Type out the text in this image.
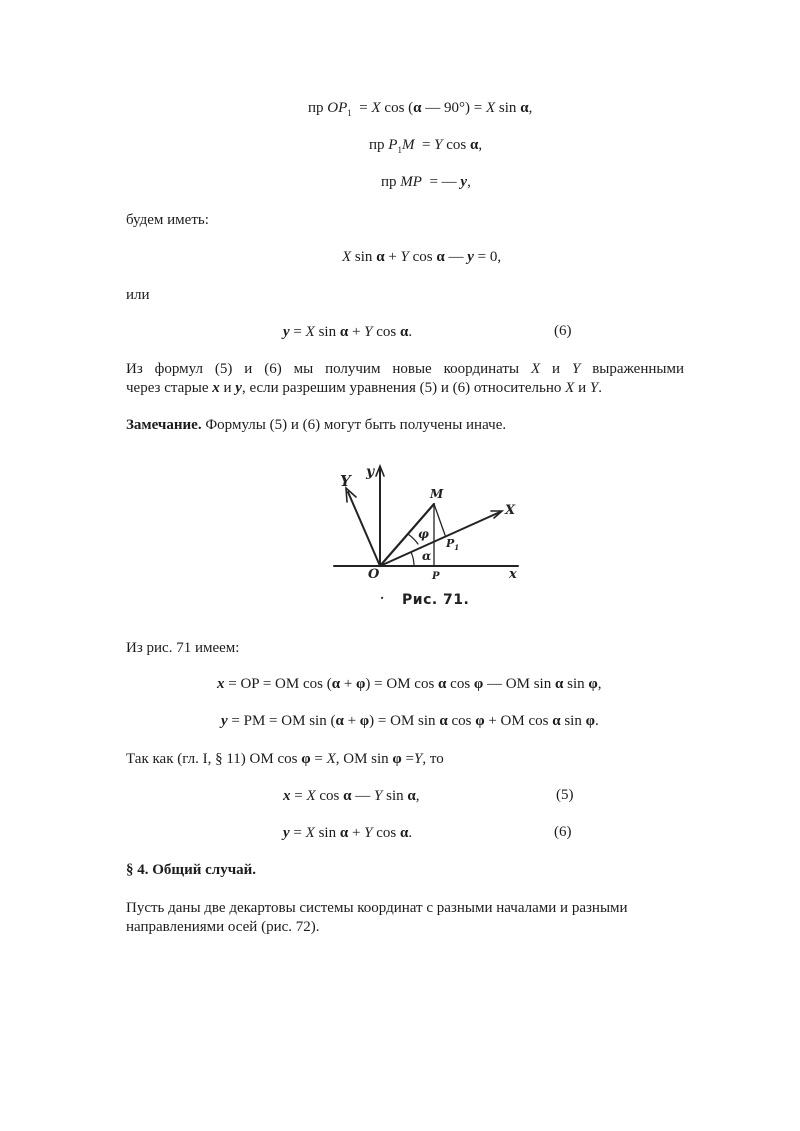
пр $OP_1 = X$ cos (α — 90°) = X sin α,
пр $P_1M = Y$ cos α,
пр MP  = — y,
будем иметь:
X sin α + Y cos α — y = 0,
или
y = X sin α + Y cos α.	(6)
Из формул (5) и (6) мы получим новые координаты X и Y выраженными
через старые x и y, если разрешим уравнения (5) и (6) относительно X и Y.
Замечание. Формулы (5) и (6) могут быть получены иначе.
Y y
M
X
φ
$P_1$
α
O	P	x
· Рис. 71.
Из рис. 71 имеем:
x = OP = OM cos (α + φ) = OM cos α cos φ — OM sin α sin φ,
y = PM = OM sin (α + φ) = OM sin α cos φ + OM cos α sin φ.
Так как (гл. I, § 11) OM cos φ = X, OM sin φ =Y, то
x = X cos α — Y sin α,	(5)
y = X sin α + Y cos α.	(6)
§ 4. Общий случай.
Пусть даны две декартовы системы координат с разными началами и разными
направлениями осей (рис. 72).
